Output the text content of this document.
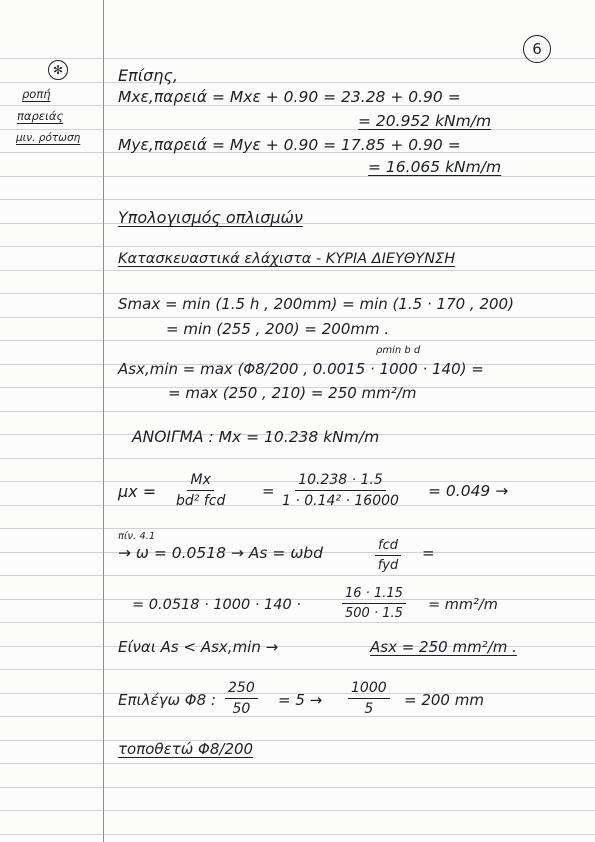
6
✻
ροπή
παρειάς
μιν. ρότωση
Επίσης,
Mxε,παρειά = Mxε + 0.90 = 23.28 + 0.90 =
= 20.952 kNm/m
Myε,παρειά = Myε + 0.90 = 17.85 + 0.90 =
= 16.065 kNm/m
Υπολογισμός οπλισμών
Κατασκευαστικά ελάχιστα - ΚΥΡΙΑ ΔΙΕΥΘΥΝΣΗ
Smax = min (1.5 h , 200mm) = min (1.5 · 170 , 200)
= min (255 , 200) = 200mm .
ρmin b d
Asx,min = max (Φ8/200 , 0.0015 · 1000 · 140) =
= max (250 , 210) = 250 mm²/m
ΑΝΟΙΓΜΑ : Mx = 10.238 kNm/m
μx =
Mx
bd² fcd
= $\frac{10.238 \cdot 1.5}{\text{1 · 0.14² · 16000}} = 0.049$ →
πίν. 4.1
→ ω = 0.0518 → As = ωbd	fcd
fyd
=
= 0.0518 · 1000 · 140 ·	$\frac{16 \cdot 1.15}{500 \cdot 1.5} = mm^2/m$
Είναι As < Asx,min →	Asx = 250 mm²/m .
Επιλέγω Φ8 : $\frac{250}{50} = 5 \to \frac{1000}{5} = 200$ mm
τοποθετώ Φ8/200
